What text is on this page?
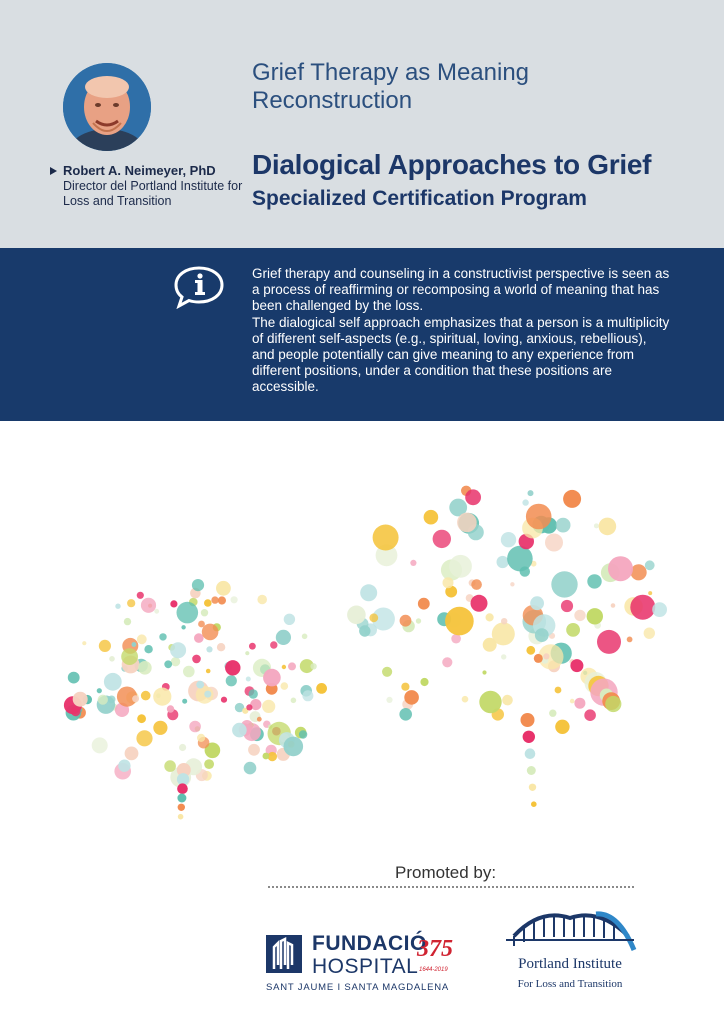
Robert A. Neimeyer, PhD
Director del Portland Institute for Loss and Transition
Grief Therapy as Meaning Reconstruction
Dialogical Approaches to Grief
Specialized Certification Program

Grief therapy and counseling in a constructivist perspective is seen as a process of reaffirming or recomposing a world of meaning that has been challenged by the loss.

The dialogical self approach emphasizes that a person is a multiplicity of different self-aspects (e.g., spiritual, loving, anxious, rebellious), and people potentially can give meaning to any experience from different positions, under a condition that these positions are accessible.

Promoted by:
FUNDACIÓ
HOSPITAL
375
1644-2019
SANT JAUME I SANTA MAGDALENA
Portland Institute
For Loss and Transition
